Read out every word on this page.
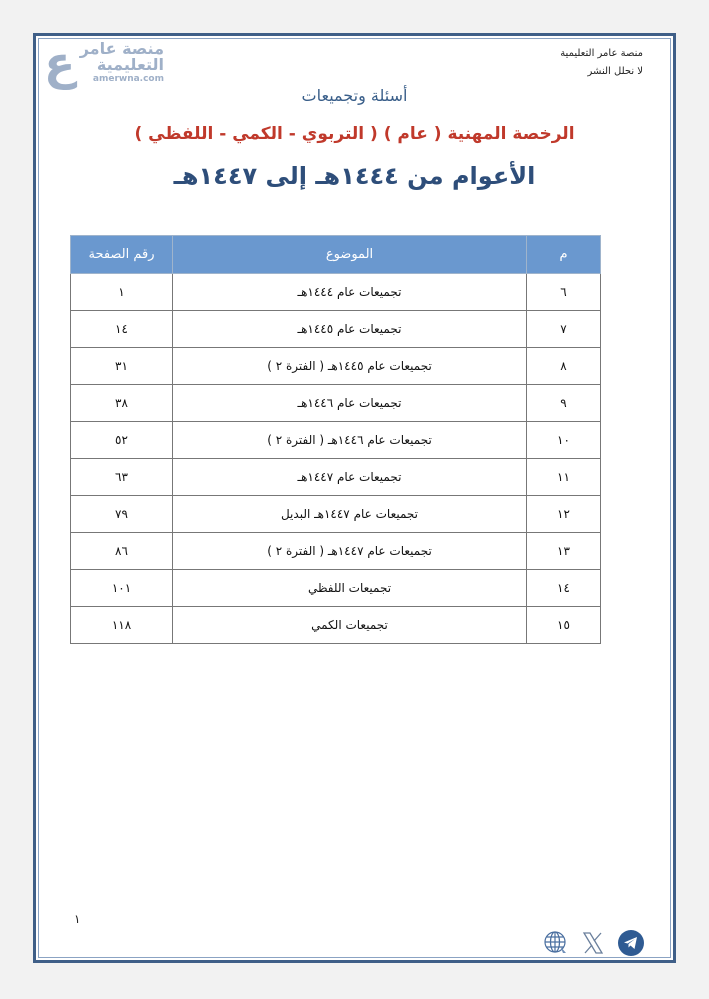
ع منصة عامر
التعليمية
amerwna.com
منصة عامر التعليمية
لا نحلل النشر
أسئلة وتجميعات
الرخصة المهنية ( عام ) ( التربوي - الكمي - اللفظي )
الأعوام من ١٤٤٤هـ إلى ١٤٤٧هـ
م	الموضوع	رقم الصفحة
٦	تجميعات عام ١٤٤٤هـ	١
٧	تجميعات عام ١٤٤٥هـ	١٤
٨	تجميعات عام ١٤٤٥هـ ( الفترة ٢ )	٣١
٩	تجميعات عام ١٤٤٦هـ	٣٨
١٠	تجميعات عام ١٤٤٦هـ ( الفترة ٢ )	٥٢
١١	تجميعات عام ١٤٤٧هـ	٦٣
١٢	تجميعات عام ١٤٤٧هـ البديل	٧٩
١٣	تجميعات عام ١٤٤٧هـ ( الفترة ٢ )	٨٦
١٤	تجميعات اللفظي	١٠١
١٥	تجميعات الكمي	١١٨
١
